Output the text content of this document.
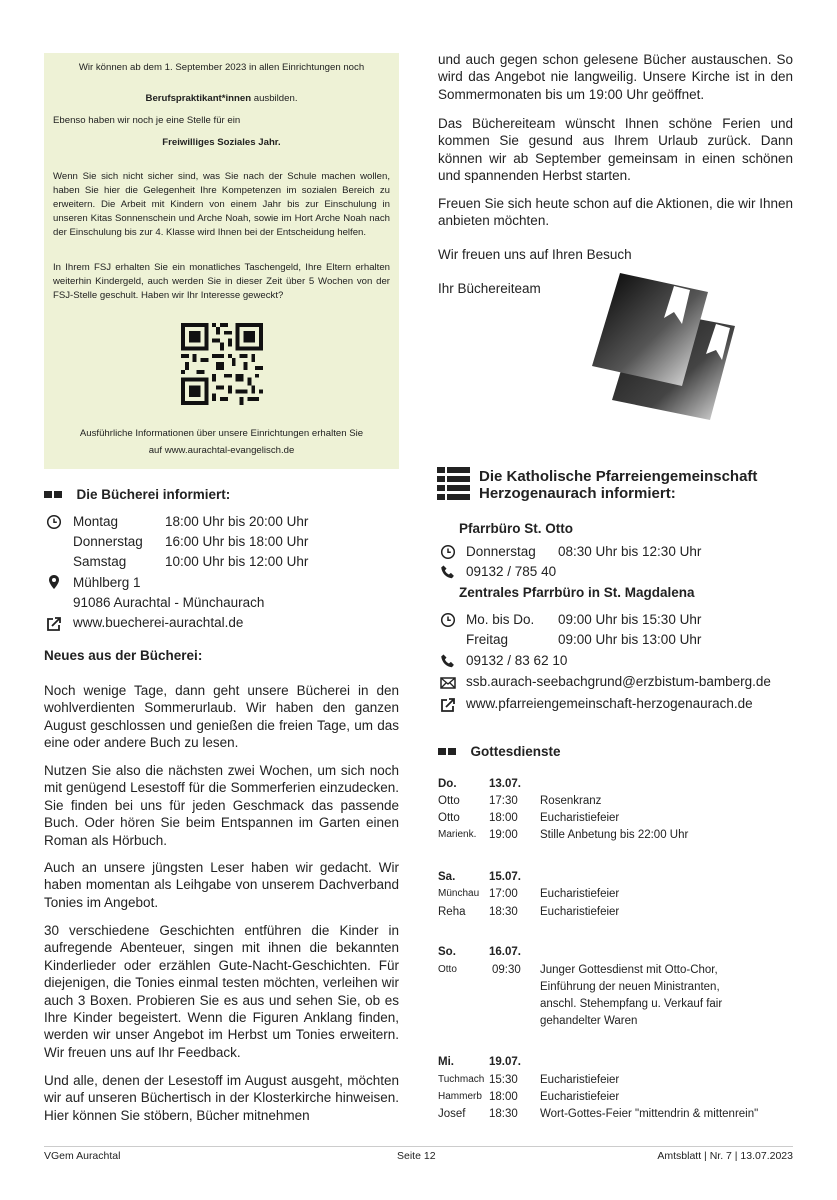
Wir können ab dem 1. September 2023 in allen Einrichtungen noch
Berufspraktikant*innen ausbilden.
Ebenso haben wir noch je eine Stelle für ein
Freiwilliges Soziales Jahr.
Wenn Sie sich nicht sicher sind, was Sie nach der Schule machen wollen, haben Sie hier die Gelegenheit Ihre Kompetenzen im sozialen Bereich zu erweitern. Die Arbeit mit Kindern von einem Jahr bis zur Einschulung in unseren Kitas Sonnenschein und Arche Noah, sowie im Hort Arche Noah nach der Einschulung bis zur 4. Klasse wird Ihnen bei der Entscheidung helfen.
In Ihrem FSJ erhalten Sie ein monatliches Taschengeld, Ihre Eltern erhalten weiterhin Kindergeld, auch werden Sie in dieser Zeit über 5 Wochen von der FSJ-Stelle geschult. Haben wir Ihr Interesse geweckt?
Ausführliche Informationen über unsere Einrichtungen erhalten Sie
auf www.aurachtal-evangelisch.de
Die Bücherei informiert:
Montag	18:00 Uhr bis 20:00 Uhr
Donnerstag 16:00 Uhr bis 18:00 Uhr
Samstag	10:00 Uhr bis 12:00 Uhr
Mühlberg 1
91086 Aurachtal - Münchaurach
www.buecherei-aurachtal.de
Neues aus der Bücherei:
Noch wenige Tage, dann geht unsere Bücherei in den wohlverdienten Sommerurlaub. Wir haben den ganzen August geschlossen und genießen die freien Tage, um das eine oder andere Buch zu lesen.
Nutzen Sie also die nächsten zwei Wochen, um sich noch mit genügend Lesestoff für die Sommerferien einzudecken. Sie finden bei uns für jeden Geschmack das passende Buch. Oder hören Sie beim Entspannen im Garten einen Roman als Hörbuch.
Auch an unsere jüngsten Leser haben wir gedacht. Wir haben momentan als Leihgabe von unserem Dachverband Tonies im Angebot.
30 verschiedene Geschichten entführen die Kinder in aufregende Abenteuer, singen mit ihnen die bekannten Kinderlieder oder erzählen Gute-Nacht-Geschichten. Für diejenigen, die Tonies einmal testen möchten, verleihen wir auch 3 Boxen. Probieren Sie es aus und sehen Sie, ob es Ihre Kinder begeistert. Wenn die Figuren Anklang finden, werden wir unser Angebot im Herbst um Tonies erweitern. Wir freuen uns auf Ihr Feedback.
Und alle, denen der Lesestoff im August ausgeht, möchten wir auf unseren Büchertisch in der Klosterkirche hinweisen. Hier können Sie stöbern, Bücher mitnehmen
und auch gegen schon gelesene Bücher austauschen. So wird das Angebot nie langweilig. Unsere Kirche ist in den Sommermonaten bis um 19:00 Uhr geöffnet.
Das Büchereiteam wünscht Ihnen schöne Ferien und kommen Sie gesund aus Ihrem Urlaub zurück. Dann können wir ab September gemeinsam in einen schönen und spannenden Herbst starten.
Freuen Sie sich heute schon auf die Aktionen, die wir Ihnen anbieten möchten.
Wir freuen uns auf Ihren Besuch
Ihr Büchereiteam
Die Katholische Pfarreiengemeinschaft
Herzogenaurach informiert:
Pfarrbüro St. Otto
Donnerstag 08:30 Uhr bis 12:30 Uhr
09132 / 785 40
Zentrales Pfarrbüro in St. Magdalena
Mo. bis Do. 09:00 Uhr bis 15:30 Uhr
Freitag	09:00 Uhr bis 13:00 Uhr
09132 / 83 62 10
ssb.aurach-seebachgrund@erzbistum-bamberg.de
www.pfarreiengemeinschaft-herzogenaurach.de
Gottesdienste
Do.	13.07.
Otto	17:30 Rosenkranz
Otto	18:00 Eucharistiefeier
Marienk. 19:00 Stille Anbetung bis 22:00 Uhr
Sa.	15.07.
Münchau 17:00 Eucharistiefeier
Reha 18:30 Eucharistiefeier
So.	16.07.
Otto	09:30 Junger Gottesdienst mit Otto-Chor,
Einführung der neuen Ministranten,
anschl. Stehempfang u. Verkauf fair
gehandelter Waren
Mi.	19.07.
Tuchmach 15:30 Eucharistiefeier
Hammerb 18:00 Eucharistiefeier
Josef 18:30 Wort-Gottes-Feier "mittendrin & mittenrein"
VGem Aurachtal	Seite 12	Amtsblatt | Nr. 7 | 13.07.2023
